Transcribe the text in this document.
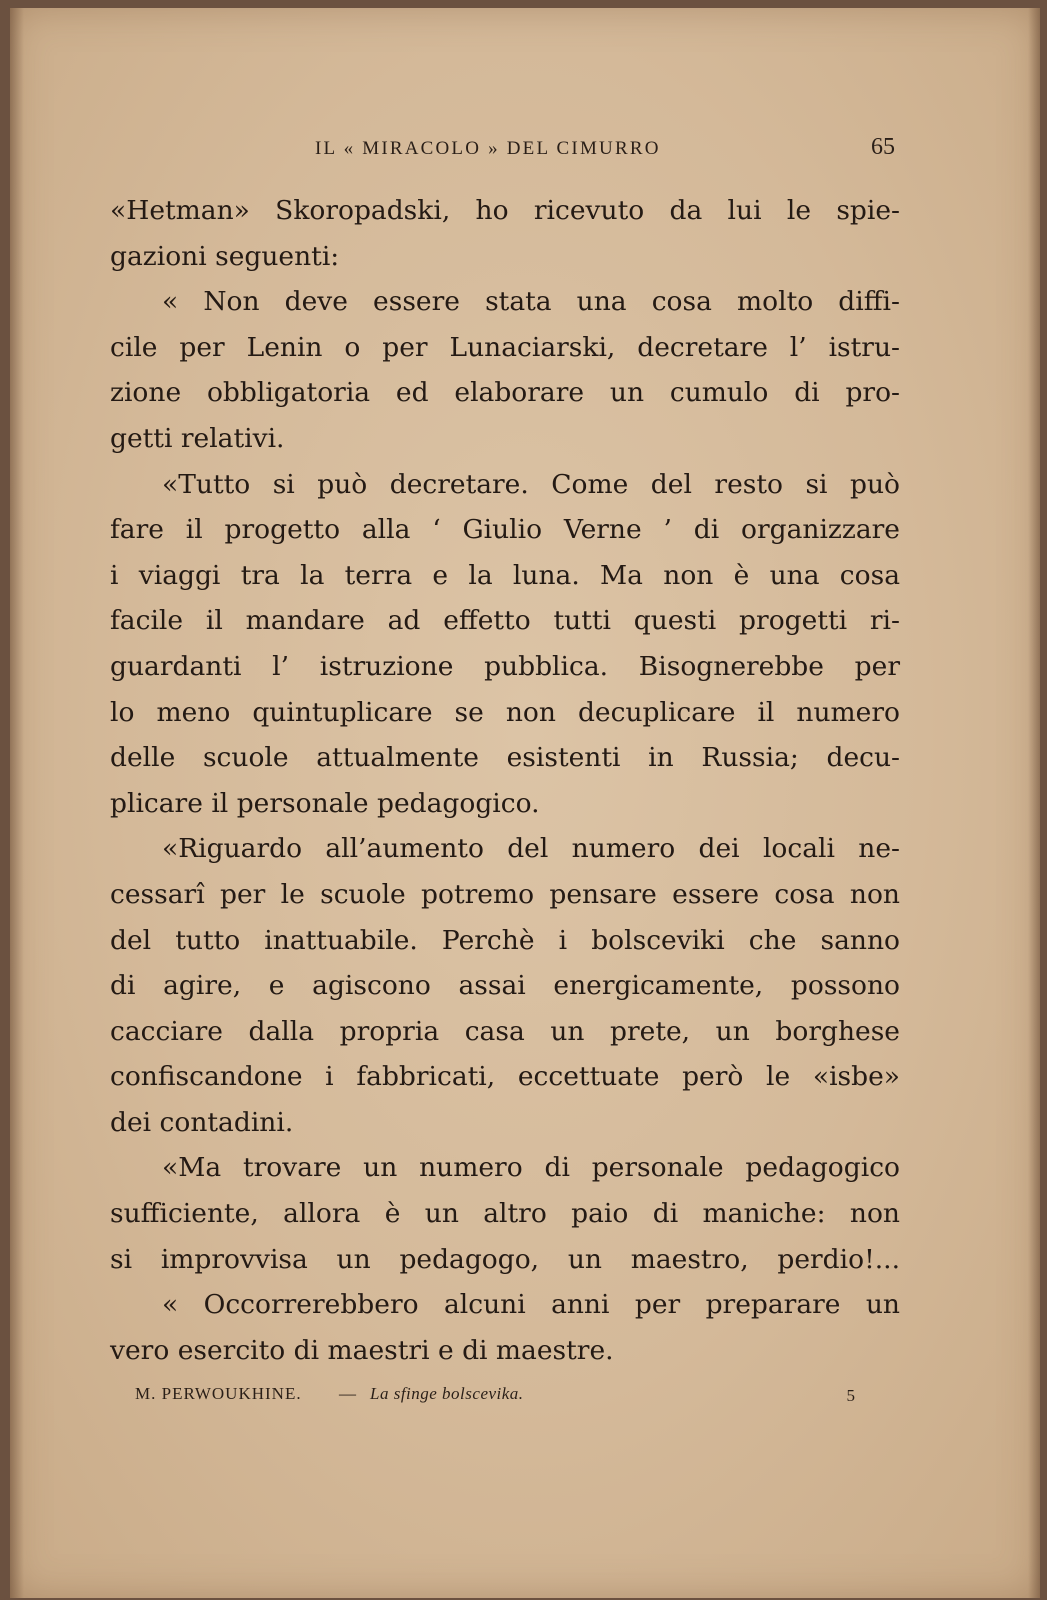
IL « MIRACOLO » DEL CIMURRO	65
«Hetman» Skoropadski, ho ricevuto da lui le spie-
gazioni seguenti:
« Non deve essere stata una cosa molto diffi-
cile per Lenin o per Lunaciarski, decretare l’ istru-
zione obbligatoria ed elaborare un cumulo di pro-
getti relativi.
«Tutto si può decretare. Come del resto si può
fare il progetto alla ‘ Giulio Verne ’ di organizzare
i viaggi tra la terra e la luna. Ma non è una cosa
facile il mandare ad effetto tutti questi progetti ri-
guardanti l’ istruzione pubblica. Bisognerebbe per
lo meno quintuplicare se non decuplicare il numero
delle scuole attualmente esistenti in Russia; decu-
plicare il personale pedagogico.
«Riguardo all’aumento del numero dei locali ne-
cessarî per le scuole potremo pensare essere cosa non
del tutto inattuabile. Perchè i bolsceviki che sanno
di agire, e agiscono assai energicamente, possono
cacciare dalla propria casa un prete, un borghese
confiscandone i fabbricati, eccettuate però le «isbe»
dei contadini.
«Ma trovare un numero di personale pedagogico
sufficiente, allora è un altro paio di maniche: non
si improvvisa un pedagogo, un maestro, perdio!...
« Occorrerebbero alcuni anni per preparare un
vero esercito di maestri e di maestre.
M. PERWOUKHINE. — La sfinge bolscevika.	5
